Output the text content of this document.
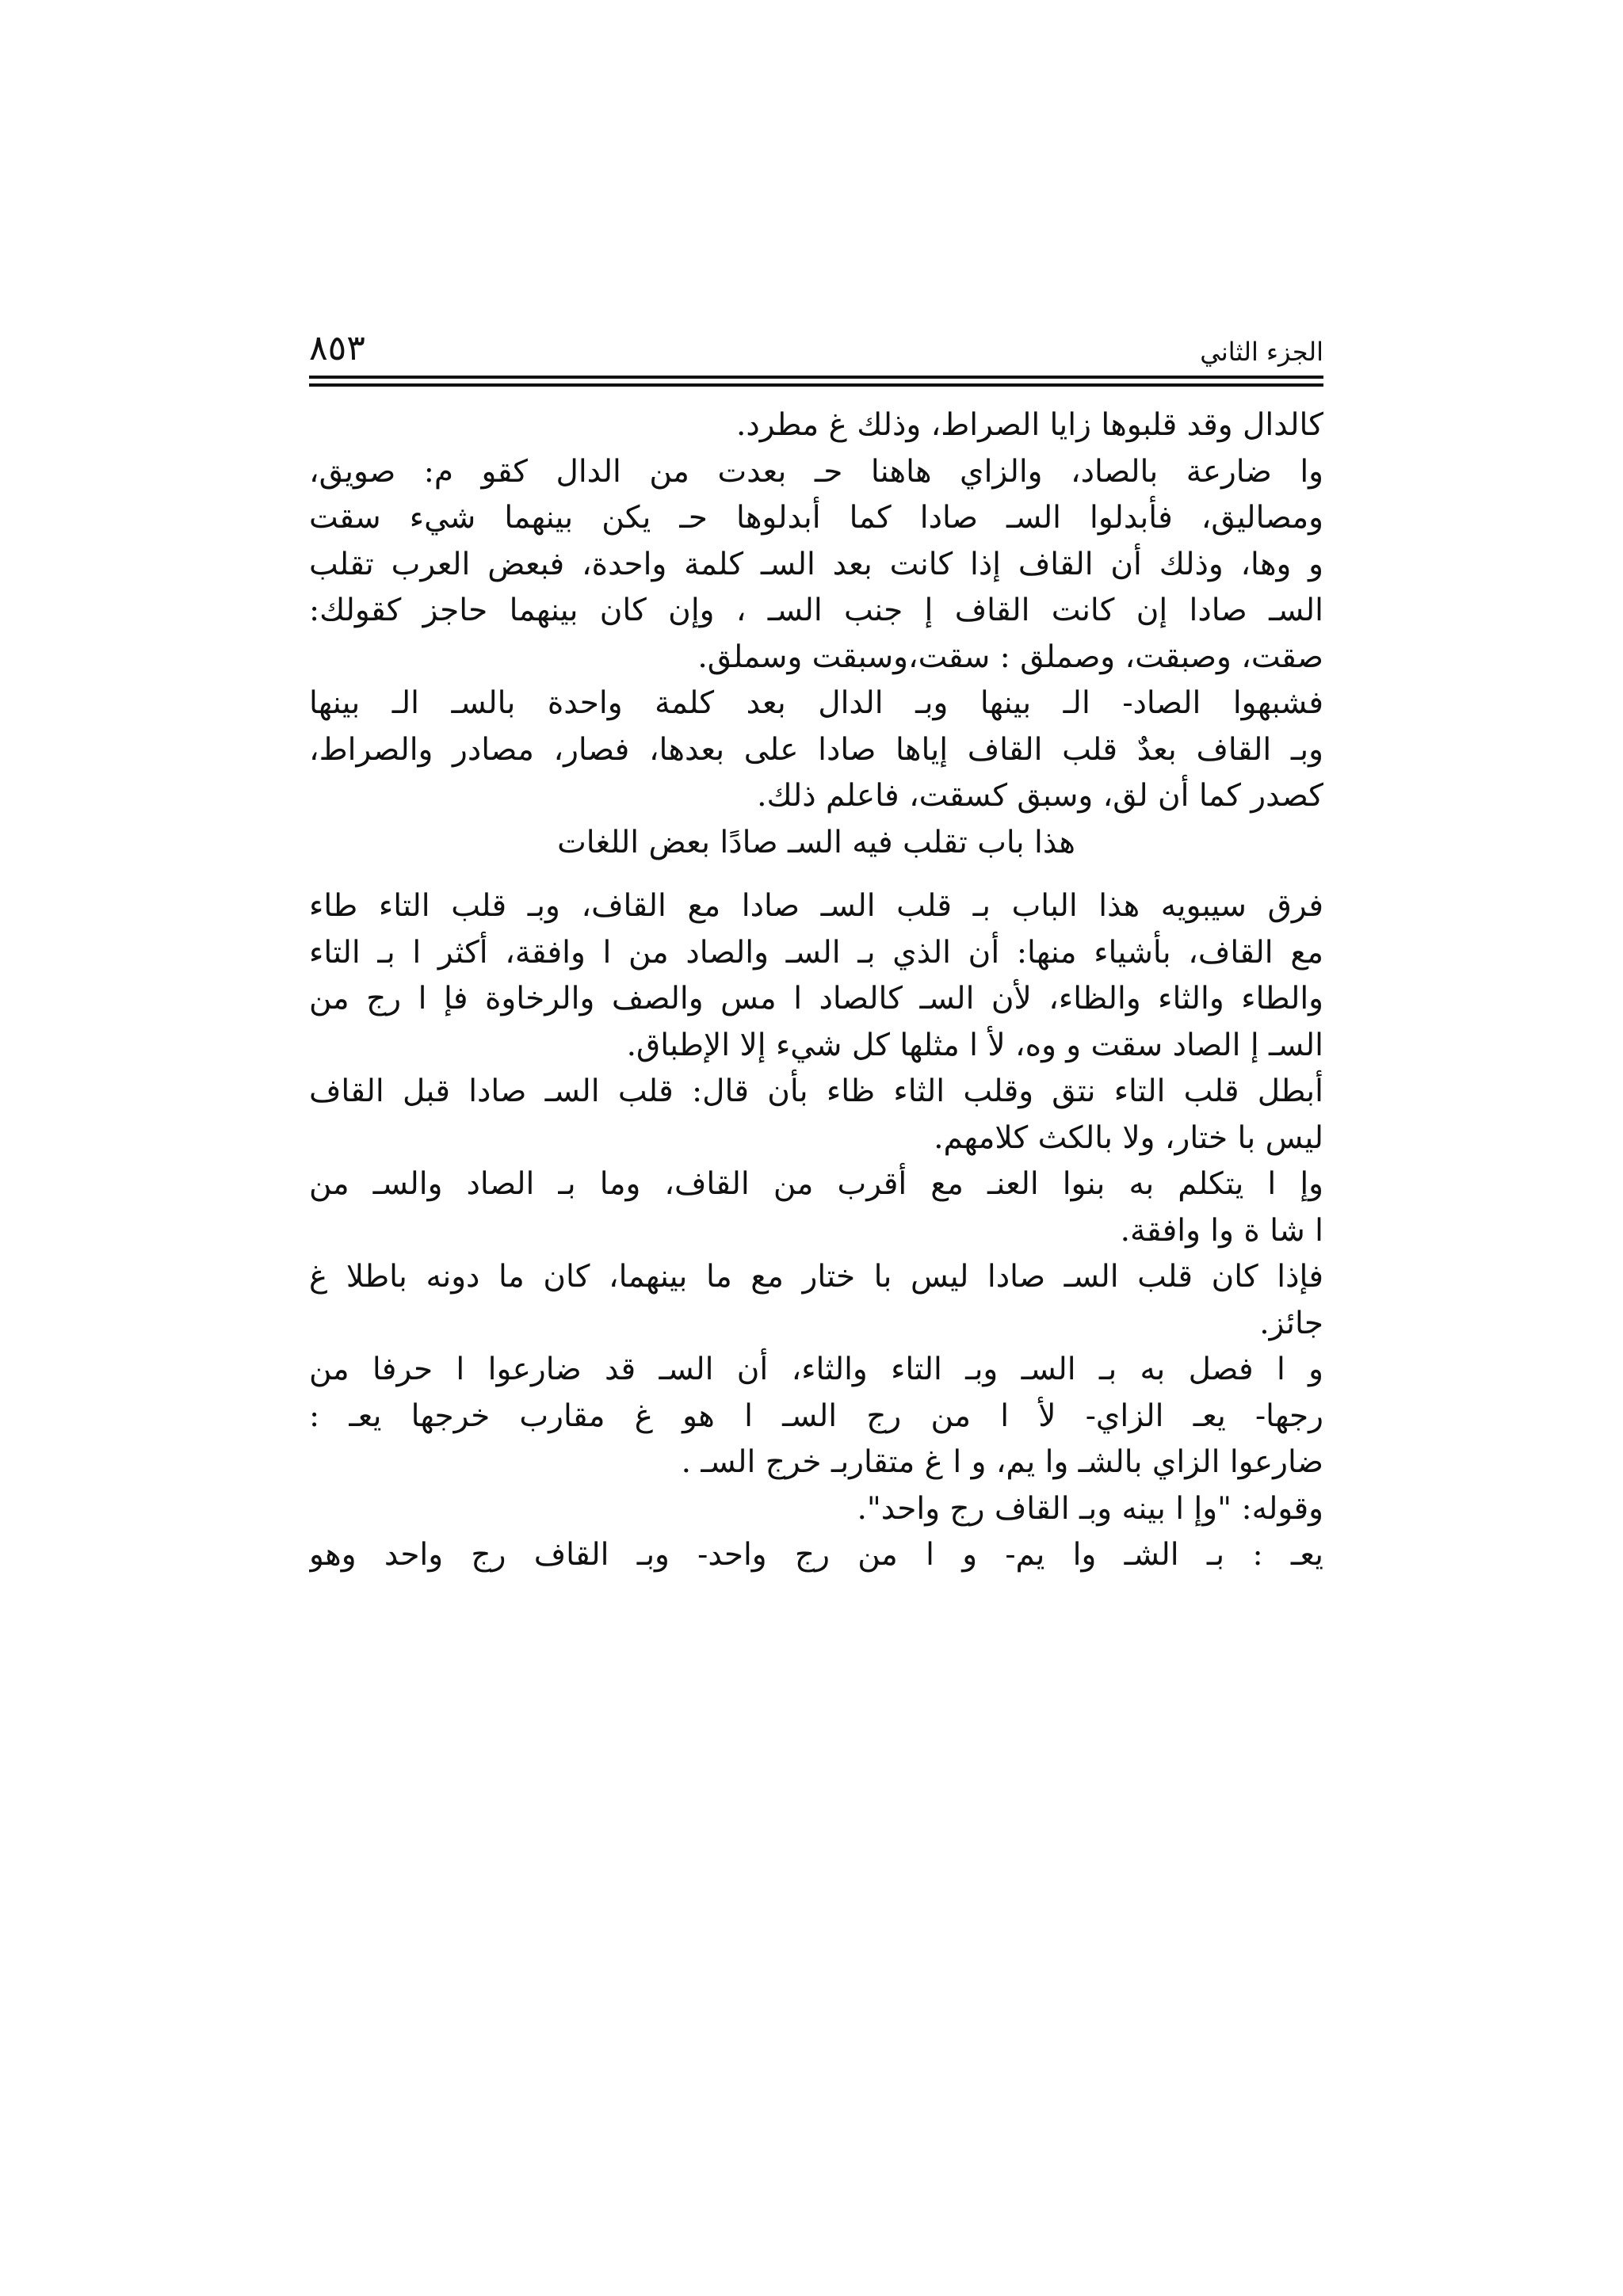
٨٥٣	الجزء الثاني
كالدال وقد قلبوها زايا الصراط، وذلك غ مطرد.
وا ضارعة بالصاد، والزاي هاهنا حـ بعدت من الدال كقو م: صويق،
ومصاليق، فأبدلوا السـ صادا كما أبدلوها حـ يكن بينهما شيء سقت
و وها، وذلك أن القاف إذا كانت بعد السـ كلمة واحدة، فبعض العرب تقلب
السـ صادا إن كانت القاف إ جنب السـ ، وإن كان بينهما حاجز كقولك:
صقت، وصبقت، وصملق : سقت،وسبقت وسملق.
فشبهوا الصاد- الـ بينها وبـ الدال بعد كلمة واحدة بالسـ الـ بينها
وبـ القاف بعدٌ قلب القاف إياها صادا على بعدها، فصار، مصادر والصراط،
كصدر كما أن لق، وسبق كسقت، فاعلم ذلك.
هذا باب تقلب فيه السـ صادًا بعض اللغات
فرق سيبويه هذا الباب بـ قلب السـ صادا مع القاف، وبـ قلب التاء طاء
مع القاف، بأشياء منها: أن الذي بـ السـ والصاد من ا وافقة، أكثر ا بـ التاء
والطاء والثاء والظاء، لأن السـ كالصاد ا مس والصف والرخاوة فإ ا رج من
السـ إ الصاد سقت و وه، لأ ا مثلها كل شيء إلا الإطباق.
أبطل قلب التاء نتق وقلب الثاء ظاء بأن قال: قلب السـ صادا قبل القاف
ليس با ختار، ولا بالكث كلامهم.
وإ ا يتكلم به بنوا العنـ مع أقرب من القاف، وما بـ الصاد والسـ من
ا شا ة وا وافقة.
فإذا كان قلب السـ صادا ليس با ختار مع ما بينهما، كان ما دونه باطلا غ
جائز.
و ا فصل به بـ السـ وبـ التاء والثاء، أن السـ قد ضارعوا ا حرفا من
رجها- يعـ الزاي- لأ ا من رج السـ ا هو غ مقارب خرجها يعـ :
ضارعوا الزاي بالشـ وا يم، و ا غ متقاربـ خرج السـ .
وقوله: "وإ ا بينه وبـ القاف رج واحد".
يعـ : بـ الشـ وا يم- و ا من رج واحد- وبـ القاف رج واحد وهو
